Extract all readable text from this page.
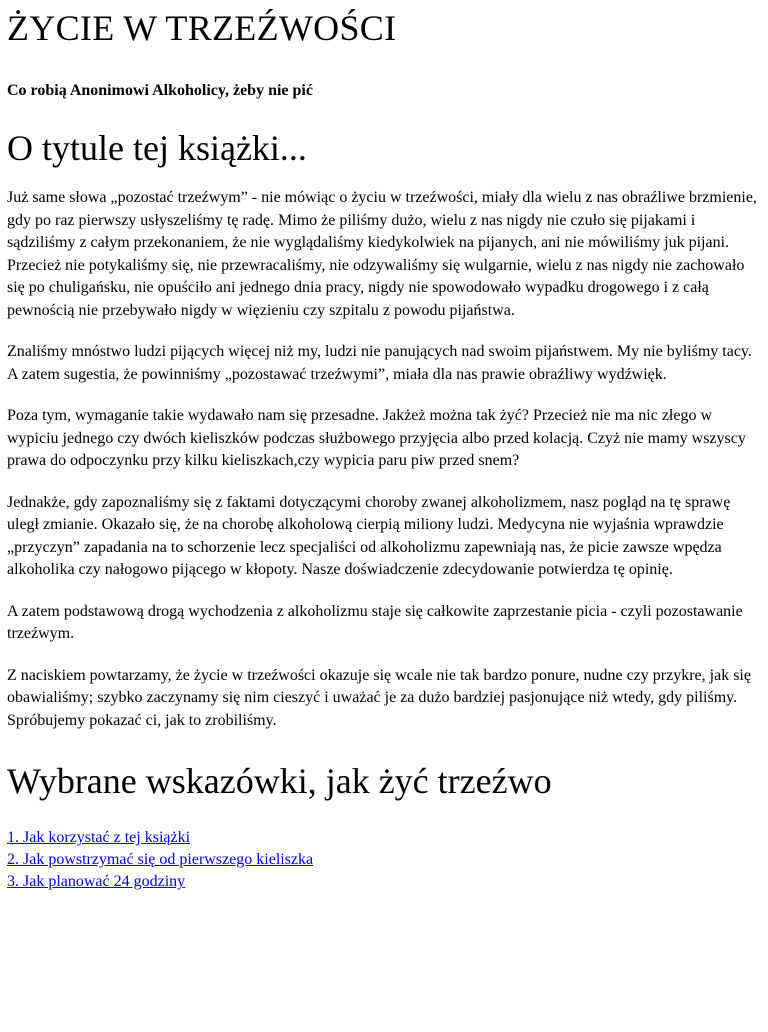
ŻYCIE W TRZEŹWOŚCI
Co robią Anonimowi Alkoholicy, żeby nie pić
O tytule tej książki...

Już same słowa „pozostać trzeźwym” - nie mówiąc o życiu w trzeźwości, miały dla wielu z nas obraźliwe brzmienie, gdy po raz pierwszy usłyszeliśmy tę radę. Mimo że piliśmy dużo, wielu z nas nigdy nie czuło się pijakami i sądziliśmy z całym przekonaniem, że nie wyglądaliśmy kiedykolwiek na pijanych, ani nie mówiliśmy juk pijani. Przecież nie potykaliśmy się, nie przewracaliśmy, nie odzywaliśmy się wulgarnie, wielu z nas nigdy nie zachowało się po chuligańsku, nie opuściło ani jednego dnia pracy, nigdy nie spowodowało wypadku drogowego i z całą pewnością nie przebywało nigdy w więzieniu czy szpitalu z powodu pijaństwa.

Znaliśmy mnóstwo ludzi pijących więcej niż my, ludzi nie panujących nad swoim pijaństwem. My nie byliśmy tacy. A zatem sugestia, że powinniśmy „pozostawać trzeźwymi”, miała dla nas prawie obraźliwy wydźwięk.

Poza tym, wymaganie takie wydawało nam się przesadne. Jakżeż można tak żyć? Przecież nie ma nic złego w wypiciu jednego czy dwóch kieliszków podczas służbowego przyjęcia albo przed kolacją. Czyż nie mamy wszyscy prawa do odpoczynku przy kilku kieliszkach,czy wypicia paru piw przed snem?

Jednakże, gdy zapoznaliśmy się z faktami dotyczącymi choroby zwanej alkoholizmem, nasz pogląd na tę sprawę uległ zmianie. Okazało się, że na chorobę alkoholową cierpią miliony ludzi. Medycyna nie wyjaśnia wprawdzie „przyczyn” zapadania na to schorzenie lecz specjaliści od alkoholizmu zapewniają nas, że picie zawsze wpędza alkoholika czy nałogowo pijącego w kłopoty. Nasze doświadczenie zdecydowanie potwierdza tę opinię.

A zatem podstawową drogą wychodzenia z alkoholizmu staje się całkowite zaprzestanie picia - czyli pozostawanie trzeźwym.

Z naciskiem powtarzamy, że życie w trzeźwości okazuje się wcale nie tak bardzo ponure, nudne czy przykre, jak się obawialiśmy; szybko zaczynamy się nim cieszyć i uważać je za dużo bardziej pasjonujące niż wtedy, gdy piliśmy. Spróbujemy pokazać ci, jak to zrobiliśmy.

Wybrane wskazówki, jak żyć trzeźwo
1. Jak korzystać z tej książki
2. Jak powstrzymać się od pierwszego kieliszka
3. Jak planować 24 godziny
